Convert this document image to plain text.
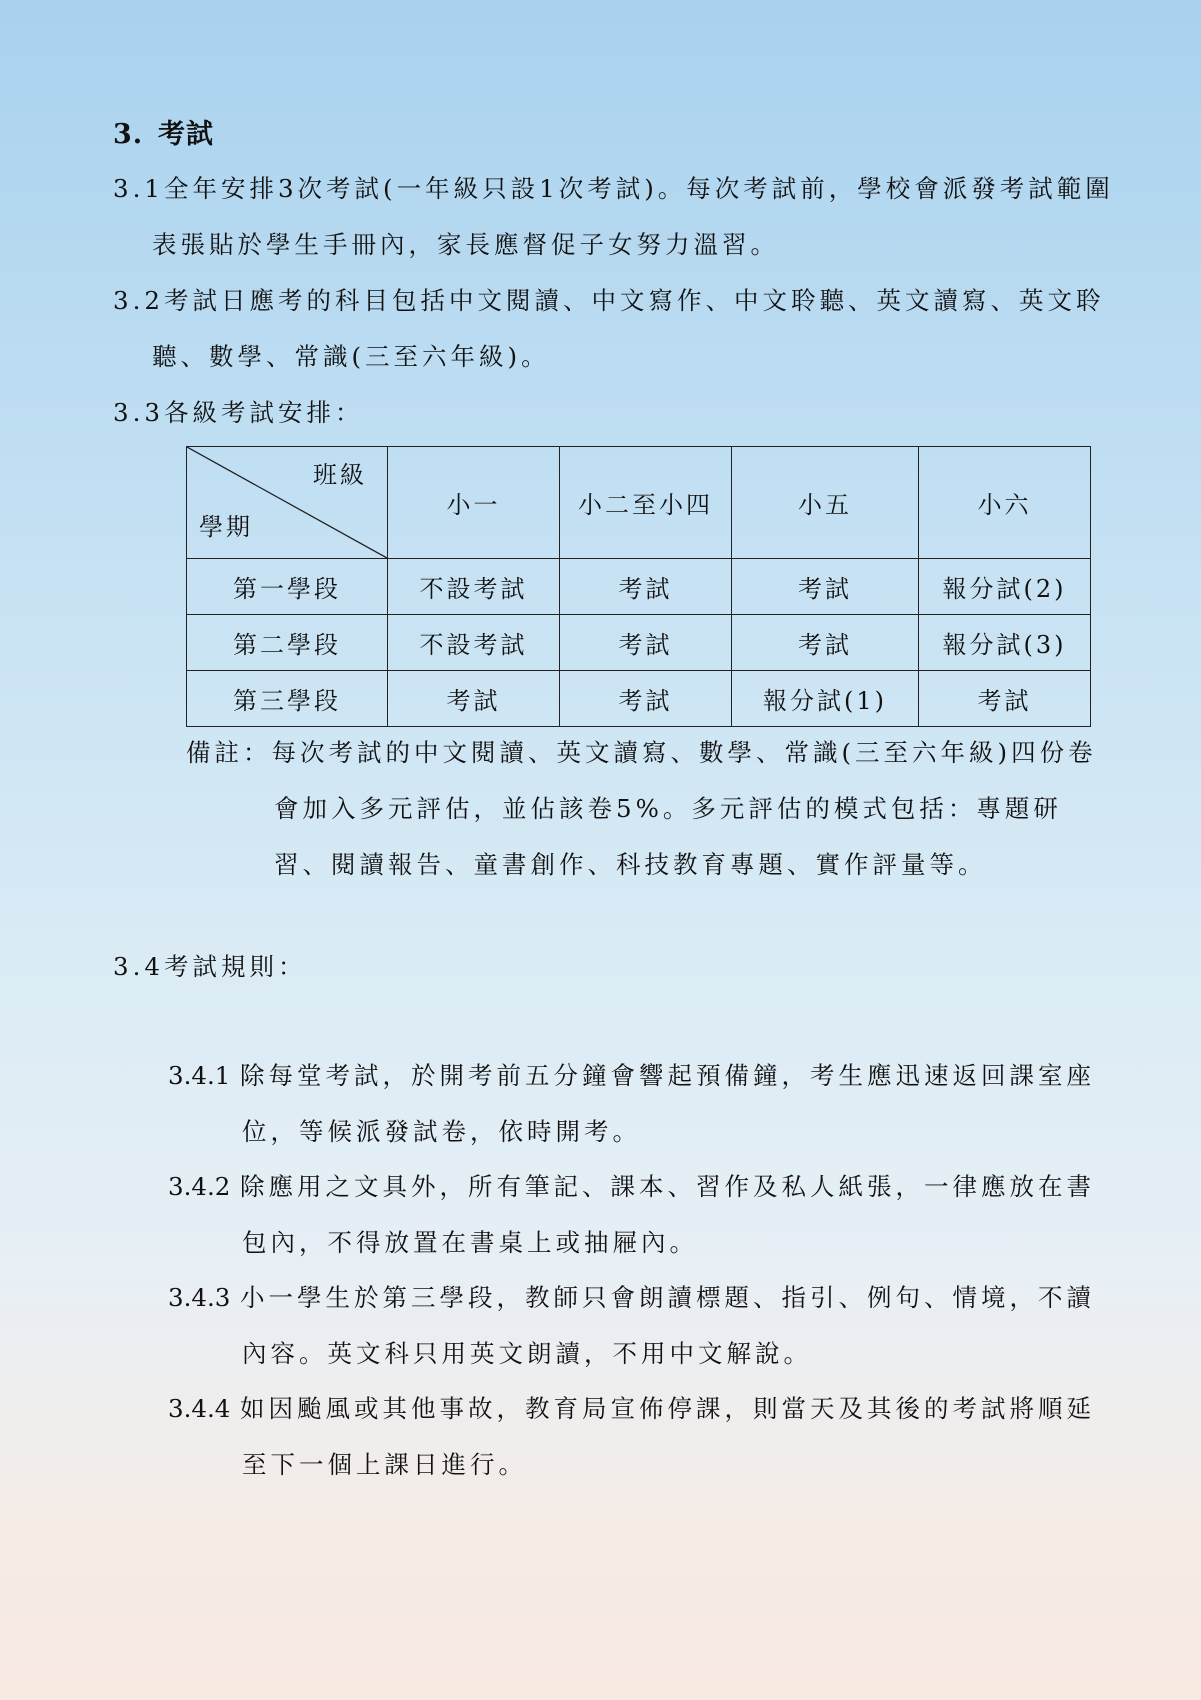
3. 考試

3.1全年安排3次考試(一年級只設1次考試)。每次考試前，學校會派發考試範圍

表張貼於學生手冊內，家長應督促子女努力溫習。

3.2考試日應考的科目包括中文閱讀、中文寫作、中文聆聽、英文讀寫、英文聆

聽、數學、常識(三至六年級)。

3.3各級考試安排：

班級
學期	小一	小二至小四	小五	小六
第一學段	不設考試	考試	考試	報分試(2)
第二學段	不設考試	考試	考試	報分試(3)
第三學段	考試	考試	報分試(1)	考試

備註：每次考試的中文閱讀、英文讀寫、數學、常識(三至六年級)四份卷

會加入多元評估，並佔該卷5%。多元評估的模式包括：專題研

習、閱讀報告、童書創作、科技教育專題、實作評量等。

3.4考試規則：

3.4.1 除每堂考試，於開考前五分鐘會響起預備鐘，考生應迅速返回課室座

位，等候派發試卷，依時開考。

3.4.2 除應用之文具外，所有筆記、課本、習作及私人紙張，一律應放在書

包內，不得放置在書桌上或抽屜內。

3.4.3 小一學生於第三學段，教師只會朗讀標題、指引、例句、情境，不讀

內容。英文科只用英文朗讀，不用中文解說。

3.4.4 如因颱風或其他事故，教育局宣佈停課，則當天及其後的考試將順延

至下一個上課日進行。
